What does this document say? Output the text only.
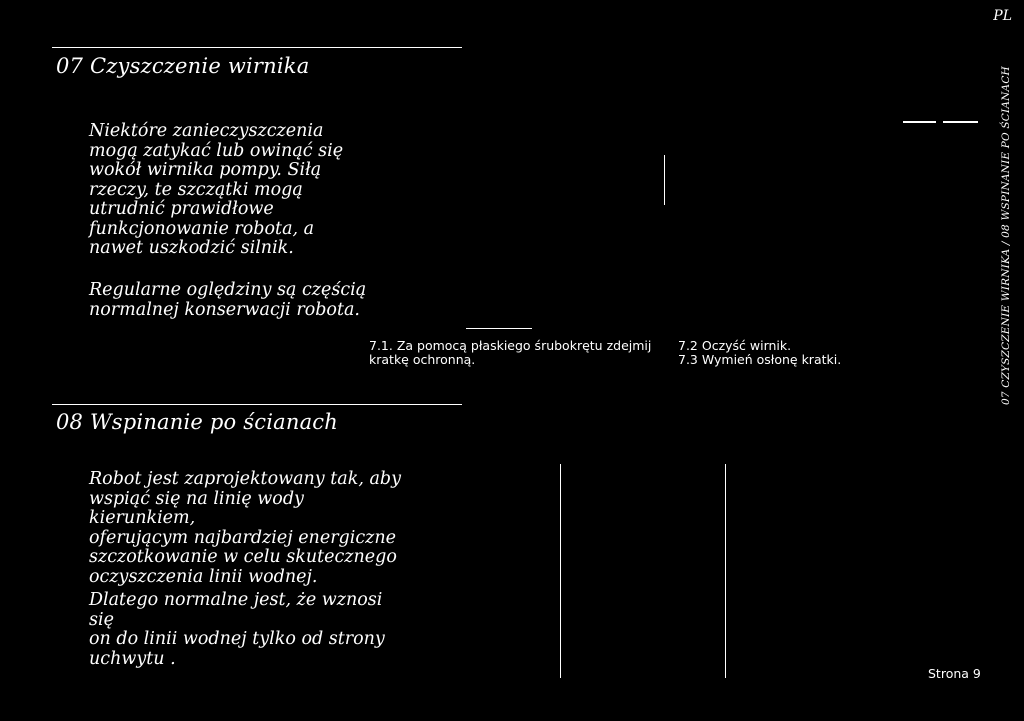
PL
07 Czyszczenie wirnika
Niektóre zanieczyszczenia
mogą zatykać lub owinąć się
wokół wirnika pompy. Siłą
rzeczy, te szczątki mogą
utrudnić prawidłowe
funkcjonowanie robota, a
nawet uszkodzić silnik.
Regularne oględziny są częścią
normalnej konserwacji robota.
7.1. Za pomocą płaskiego śrubokrętu zdejmij
kratkę ochronną.
7.2 Oczyść wirnik.
7.3 Wymień osłonę kratki.
08 Wspinanie po ścianach
Robot jest zaprojektowany tak, aby
wspiąć się na linię wody kierunkiem,
oferującym najbardziej energiczne
szczotkowanie w celu skutecznego
oczyszczenia linii wodnej.
Dlatego normalne jest, że wznosi się
on do linii wodnej tylko od strony
uchwytu .
07 CZYSZCZENIE WIRNIKA / 08 WSPINANIE PO ŚCIANACH
Strona 9
